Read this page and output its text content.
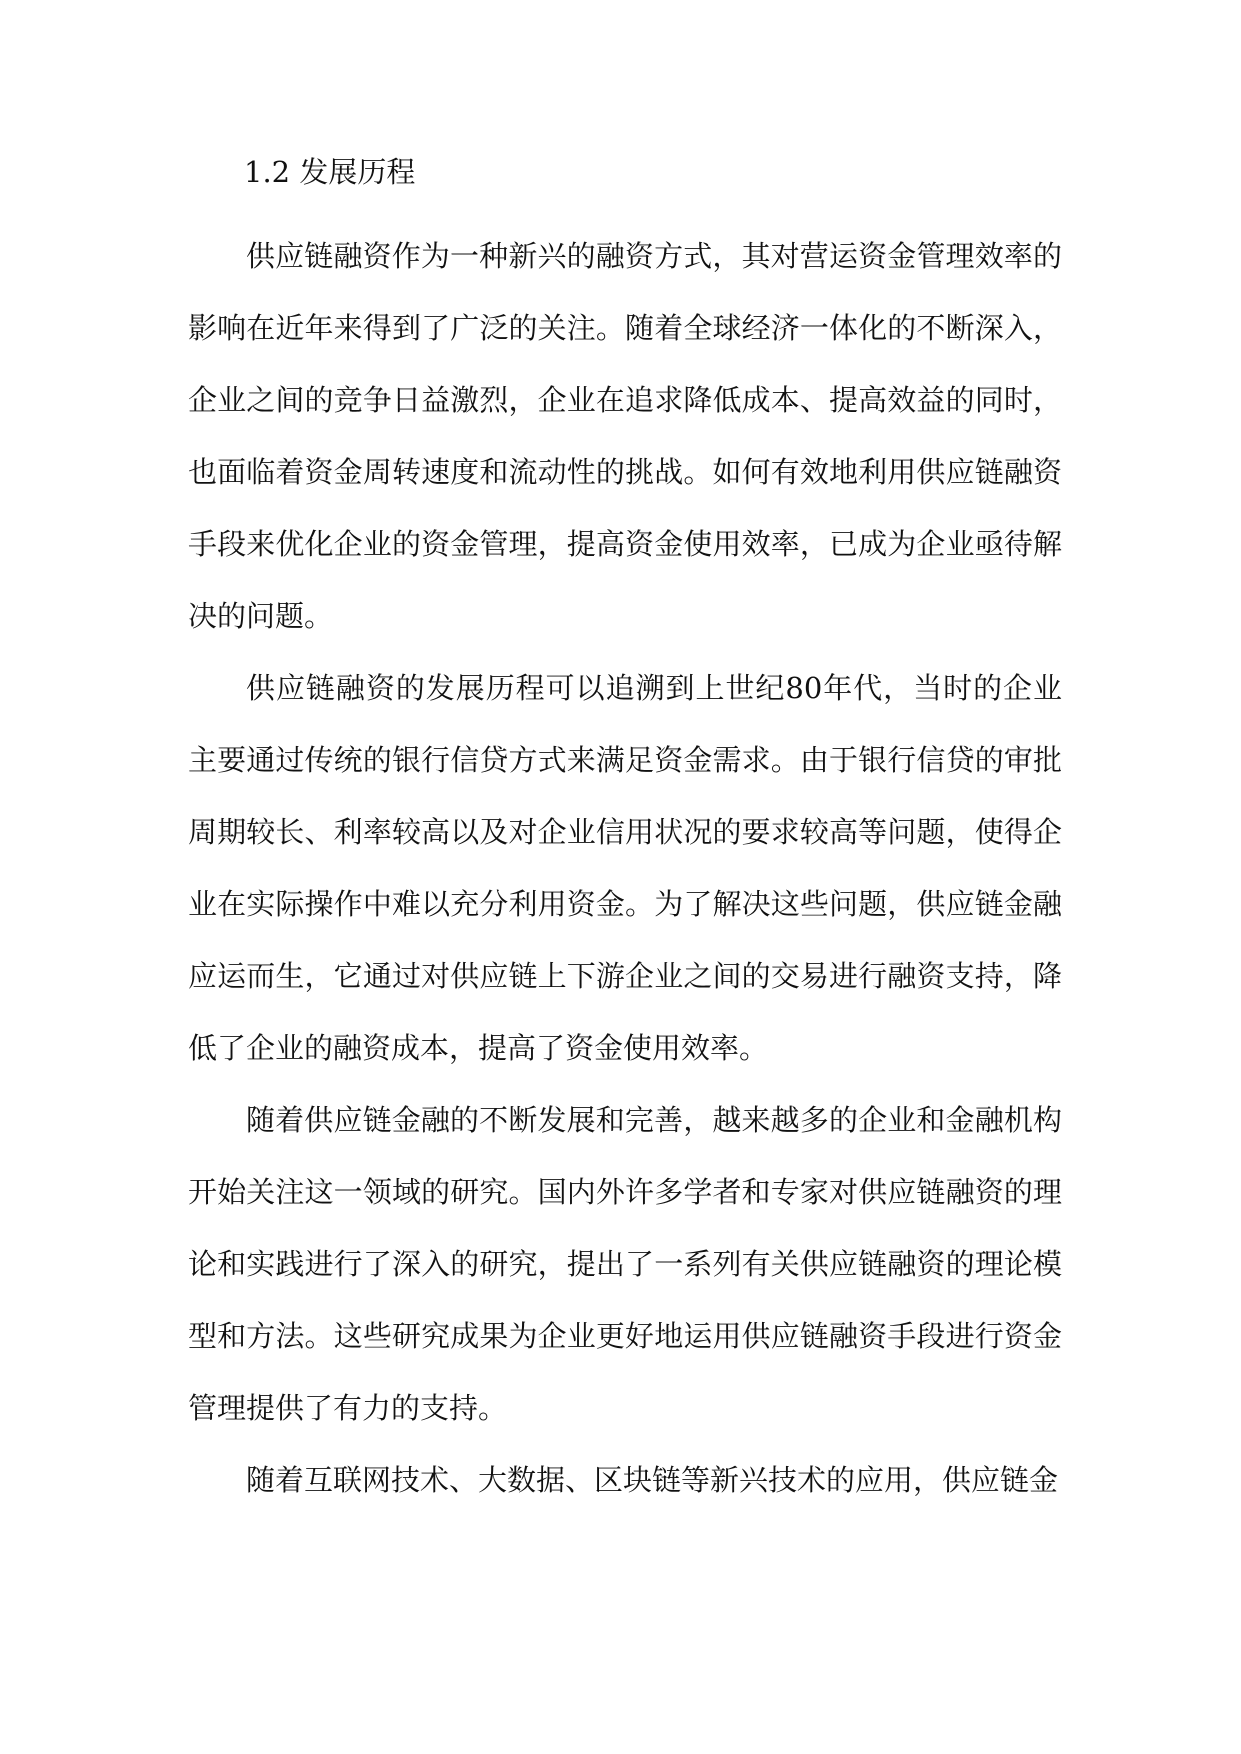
1.2 发展历程

供应链融资作为一种新兴的融资方式，其对营运资金管理效率的影响在近年来得到了广泛的关注。随着全球经济一体化的不断深入，企业之间的竞争日益激烈，企业在追求降低成本、提高效益的同时，也面临着资金周转速度和流动性的挑战。如何有效地利用供应链融资手段来优化企业的资金管理，提高资金使用效率，已成为企业亟待解决的问题。

供应链融资的发展历程可以追溯到上世纪80年代，当时的企业主要通过传统的银行信贷方式来满足资金需求。由于银行信贷的审批周期较长、利率较高以及对企业信用状况的要求较高等问题，使得企业在实际操作中难以充分利用资金。为了解决这些问题，供应链金融应运而生，它通过对供应链上下游企业之间的交易进行融资支持，降低了企业的融资成本，提高了资金使用效率。

随着供应链金融的不断发展和完善，越来越多的企业和金融机构开始关注这一领域的研究。国内外许多学者和专家对供应链融资的理论和实践进行了深入的研究，提出了一系列有关供应链融资的理论模型和方法。这些研究成果为企业更好地运用供应链融资手段进行资金管理提供了有力的支持。

随着互联网技术、大数据、区块链等新兴技术的应用，供应链金
